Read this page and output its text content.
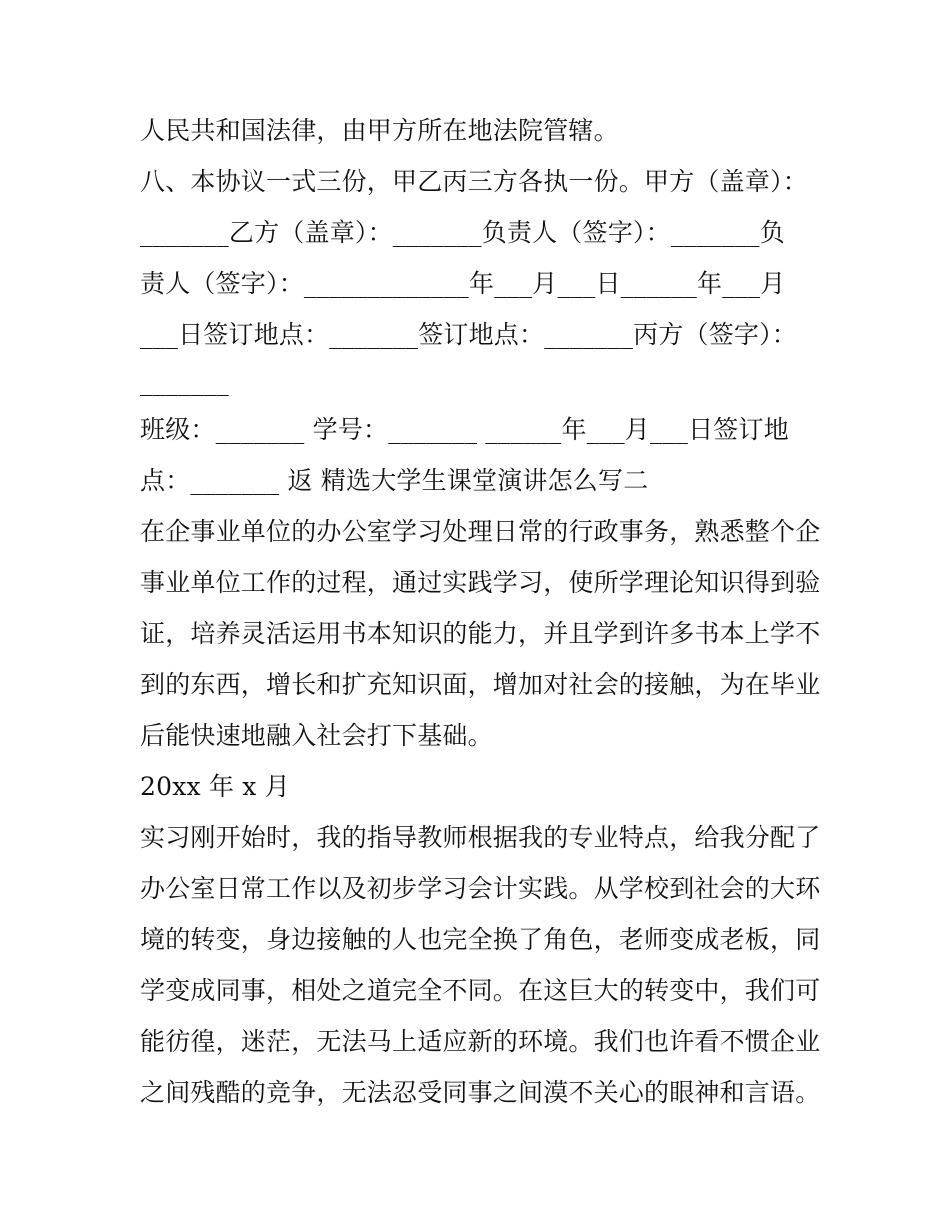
人民共和国法律，由甲方所在地法院管辖。
八、本协议一式三份，甲乙丙三方各执一份。甲方（盖章）：
_______乙方（盖章）：_______负责人（签字）：_______负
责人（签字）：_____________年___月___日______年___月
___日签订地点：_______签订地点：_______丙方（签字）：
_______
班级：_______ 学号：_______ ______年___月___日签订地
点：_______ 返 精选大学生课堂演讲怎么写二
在企事业单位的办公室学习处理日常的行政事务，熟悉整个企
事业单位工作的过程，通过实践学习，使所学理论知识得到验
证，培养灵活运用书本知识的能力，并且学到许多书本上学不
到的东西，增长和扩充知识面，增加对社会的接触，为在毕业
后能快速地融入社会打下基础。
20xx 年 x 月
实习刚开始时，我的指导教师根据我的专业特点，给我分配了
办公室日常工作以及初步学习会计实践。从学校到社会的大环
境的转变，身边接触的人也完全换了角色，老师变成老板，同
学变成同事，相处之道完全不同。在这巨大的转变中，我们可
能彷徨，迷茫，无法马上适应新的环境。我们也许看不惯企业
之间残酷的竞争，无法忍受同事之间漠不关心的眼神和言语。
